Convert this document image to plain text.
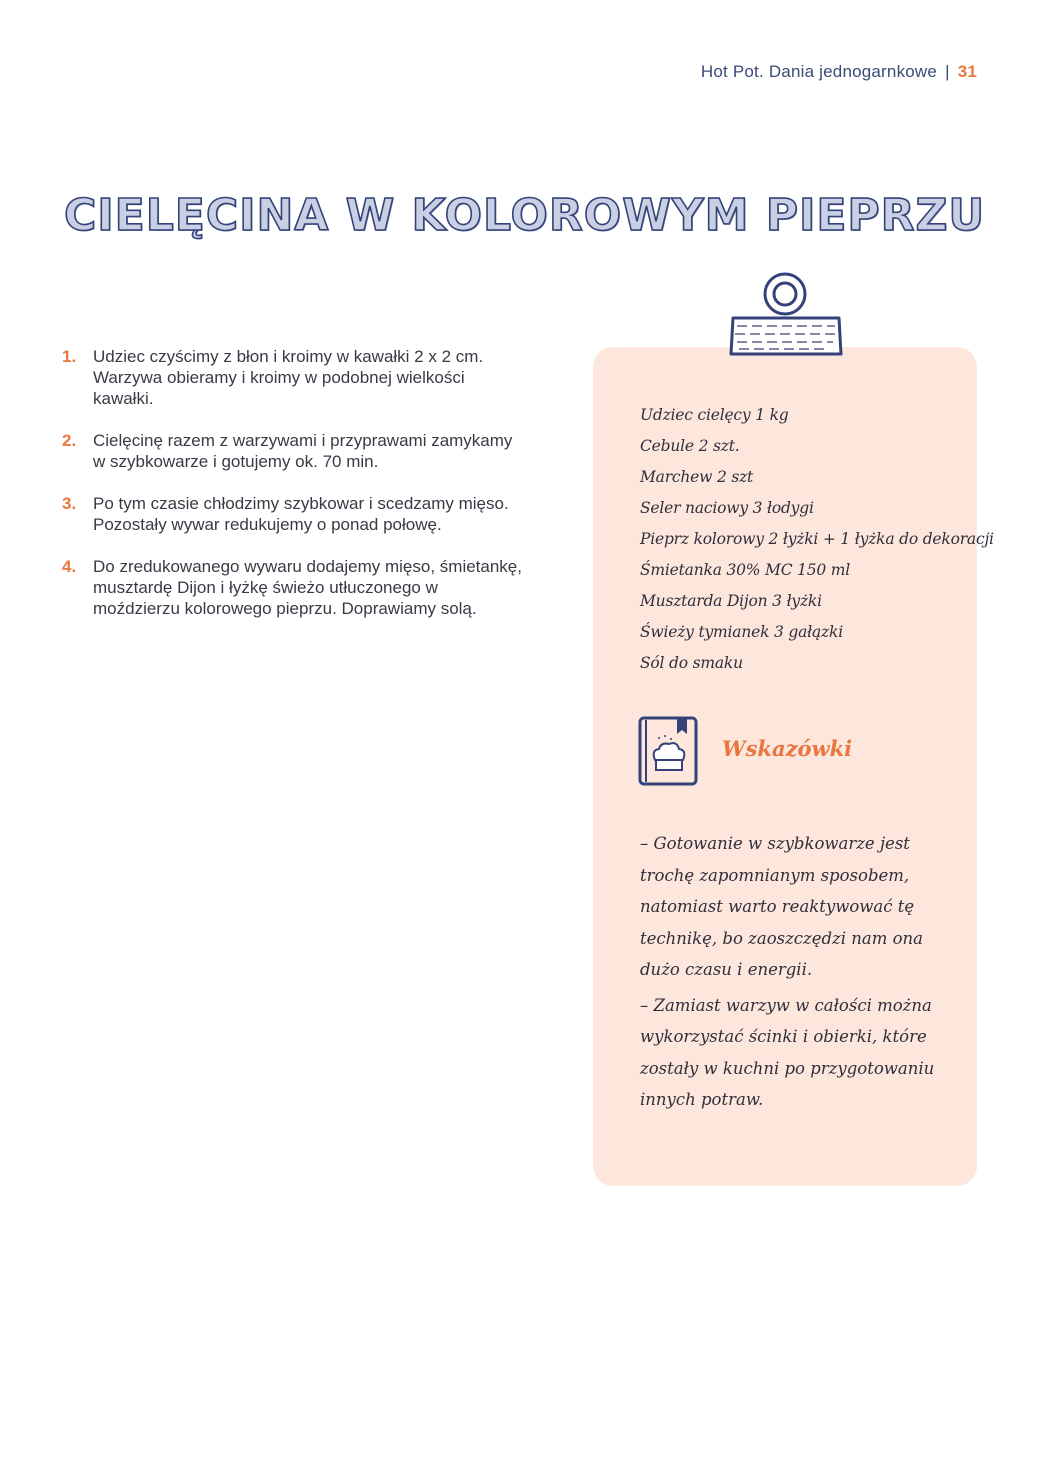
Hot Pot. Dania jednogarnkowe | 31
CIELĘCINA W KOLOROWYM PIEPRZU
1. Udziec czyścimy z błon i kroimy w kawałki 2 x 2 cm. Warzywa obieramy i kroimy w podobnej wielkości kawałki.
2. Cielęcinę razem z warzywami i przyprawami zamykamy w szybkowarze i gotujemy ok. 70 min.
3. Po tym czasie chłodzimy szybkowar i scedzamy mięso. Pozostały wywar redukujemy o ponad połowę.
4. Do zredukowanego wywaru dodajemy mięso, śmietankę, musztardę Dijon i łyżkę świeżo utłuczonego w moździerzu kolorowego pieprzu. Doprawiamy solą.
Udziec cielęcy 1 kg
Cebule 2 szt.
Marchew 2 szt
Seler naciowy 3 łodygi
Pieprz kolorowy 2 łyżki + 1 łyżka do dekoracji
Śmietanka 30% MC 150 ml
Musztarda Dijon 3 łyżki
Świeży tymianek 3 gałązki
Sól do smaku
Wskazówki

– Gotowanie w szybkowarze jest trochę zapomnianym sposobem, natomiast warto reaktywować tę technikę, bo zaoszczędzi nam ona dużo czasu i energii.

– Zamiast warzyw w całości można wykorzystać ścinki i obierki, które zostały w kuchni po przygotowaniu innych potraw.
